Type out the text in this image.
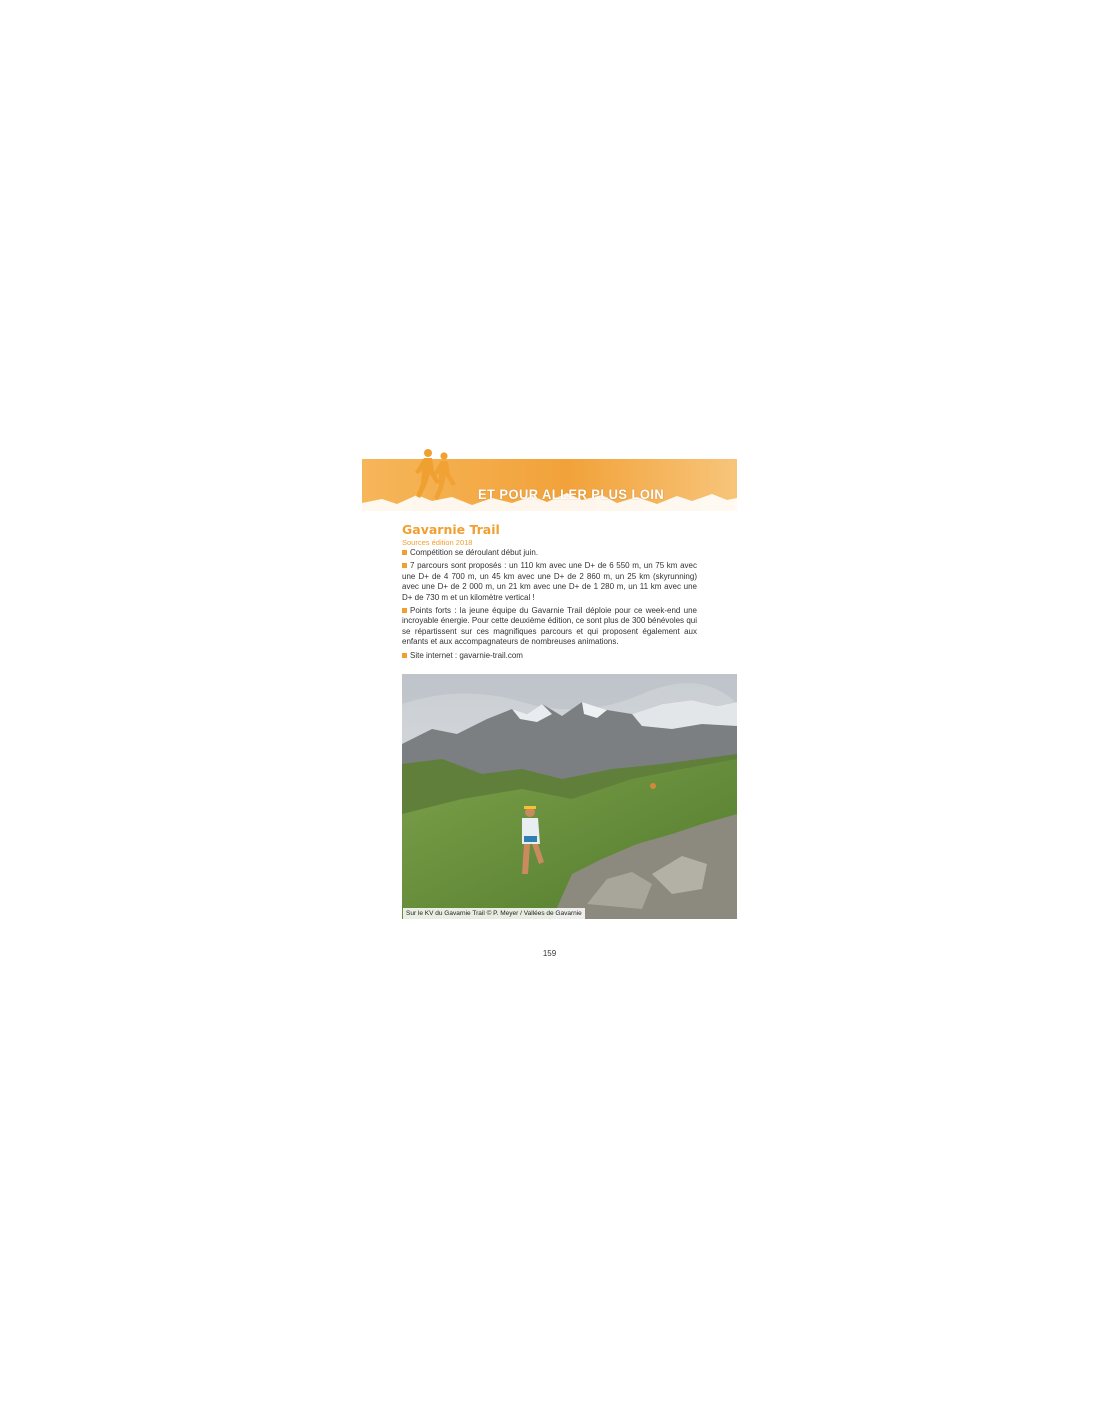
ET POUR ALLER PLUS LOIN
Gavarnie Trail
Sources édition 2018
Compétition se déroulant début juin.
7 parcours sont proposés : un 110 km avec une D+ de 6 550 m, un 75 km avec une D+ de 4 700 m, un 45 km avec une D+ de 2 860 m, un 25 km (skyrunning) avec une D+ de 2 000 m, un 21 km avec une D+ de 1 280 m, un 11 km avec une D+ de 730 m et un kilomètre vertical !
Points forts : la jeune équipe du Gavarnie Trail déploie pour ce week-end une incroyable énergie. Pour cette deuxième édition, ce sont plus de 300 bénévoles qui se répartissent sur ces magnifiques parcours et qui proposent également aux enfants et aux accompagnateurs de nombreuses animations.
Site internet : gavarnie-trail.com
Sur le KV du Gavarnie Trail © P. Meyer / Vallées de Gavarnie
159
